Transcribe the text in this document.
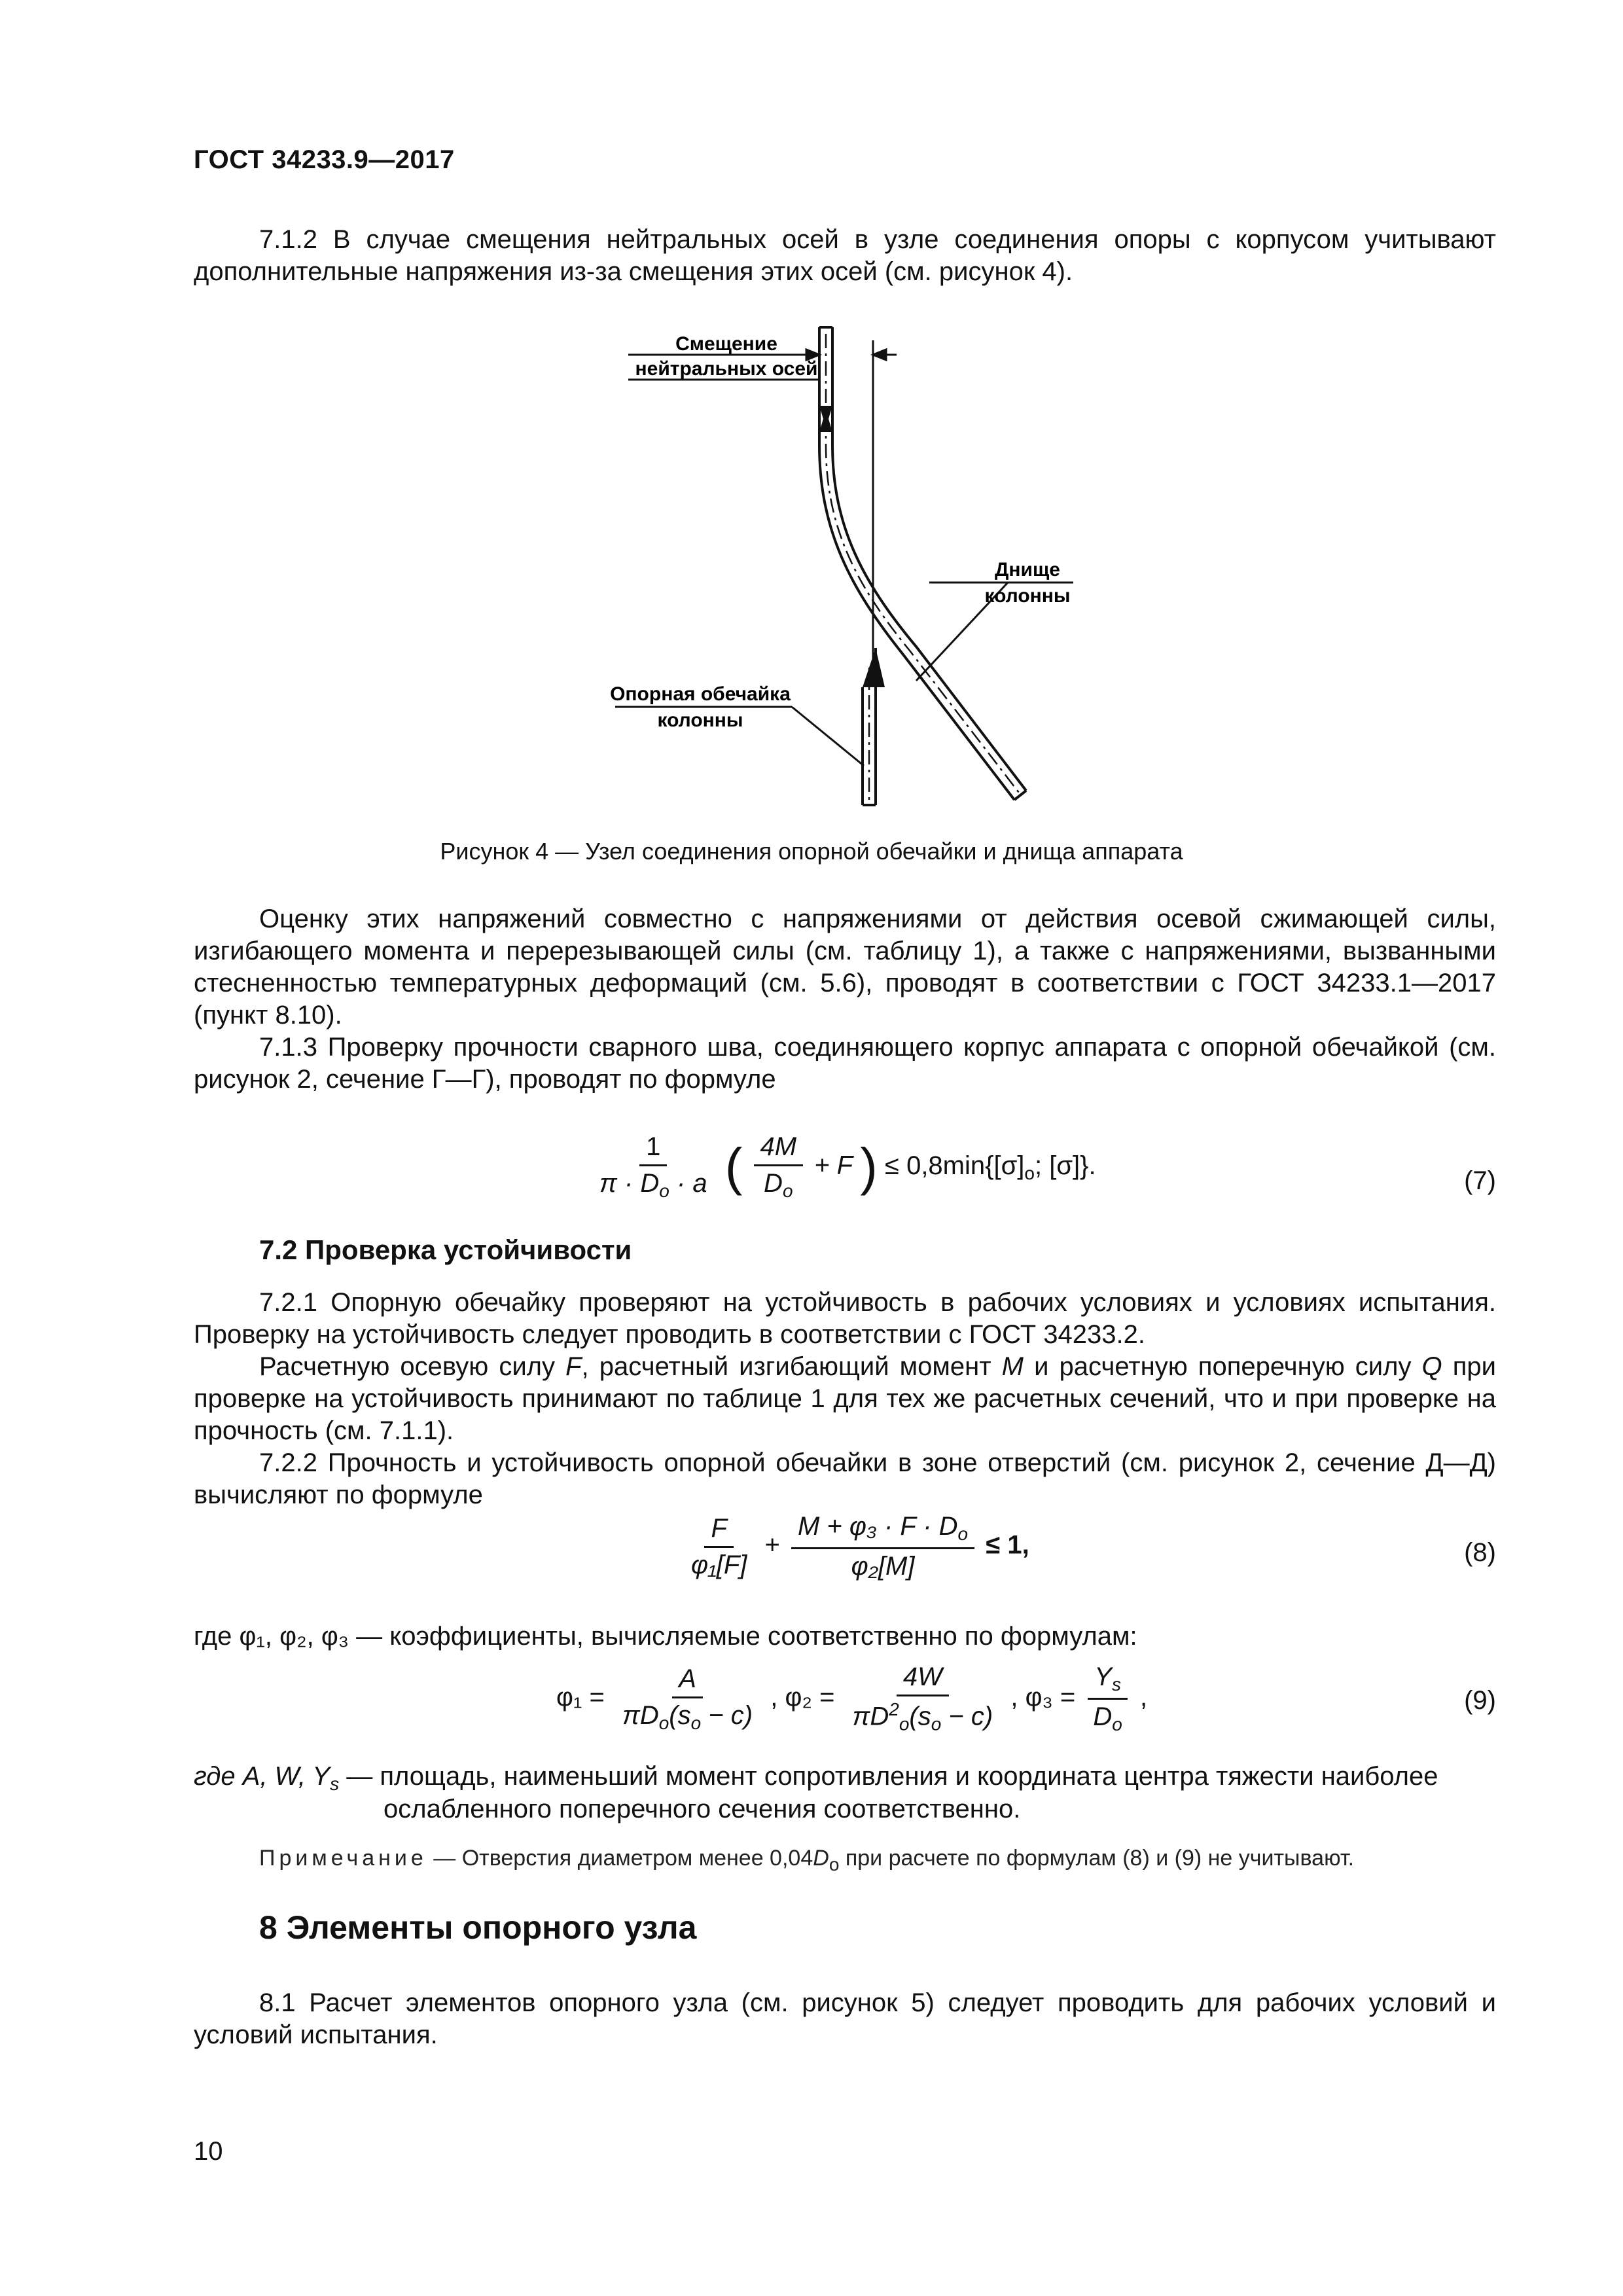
ГОСТ 34233.9—2017

7.1.2 В случае смещения нейтральных осей в узле соединения опоры с корпусом учитывают дополнительные напряжения из-за смещения этих осей (см. рисунок 4).

Смещение
нейтральных осей
Днище
колонны
Опорная обечайка
колонны
Рисунок 4 — Узел соединения опорной обечайки и днища аппарата

Оценку этих напряжений совместно с напряжениями от действия осевой сжимающей силы, изгибающего момента и перерезывающей силы (см. таблицу 1), а также с напряжениями, вызванными стесненностью температурных деформаций (см. 5.6), проводят в соответствии с ГОСТ 34233.1—2017 (пункт 8.10).

7.1.3 Проверку прочности сварного шва, соединяющего корпус аппарата с опорной обечайкой (см. рисунок 2, сечение Г—Г), проводят по формуле

$\frac{1}{\pi \cdot D_о \cdot a}$ ( $\frac{4M}{D_о} + F$ ) ≤ $0,8\min\{[\sigma]_о$; [σ]}.
(7)
7.2 Проверка устойчивости

7.2.1 Опорную обечайку проверяют на устойчивость в рабочих условиях и условиях испытания. Проверку на устойчивость следует проводить в соответствии с ГОСТ 34233.2.

Расчетную осевую силу F, расчетный изгибающий момент M и расчетную поперечную силу Q при проверке на устойчивость принимают по таблице 1 для тех же расчетных сечений, что и при проверке на прочность (см. 7.1.1).

7.2.2 Прочность и устойчивость опорной обечайки в зоне отверстий (см. рисунок 2, сечение Д—Д) вычисляют по формуле

$\frac{F}{\text{φ₁[F]}} + \frac{M + \varphi_3 \cdot F \cdot D_о}{\text{φ₂[M]}} \le 1$,	(8)
где φ₁, φ₂, φ₃ — коэффициенты, вычисляемые соответственно по формулам:
$\varphi_1 = \frac{A}{\pi D_о(s_о - c)}$ , $\varphi_2 = \frac{4W}{\pi D^2_о(s_о - c)}$ , $\varphi_3 = \frac{Y_s}{D_о}$ ,	(9)
где A, W, $Y_s$ — площадь, наименьший момент сопротивления и координата центра тяжести наиболее
ослабленного поперечного сечения соответственно.
Примечание — Отверстия диаметром менее $0,04D_о$ при расчете по формулам (8) и (9) не учитывают.
8 Элементы опорного узла

8.1 Расчет элементов опорного узла (см. рисунок 5) следует проводить для рабочих условий и условий испытания.

10
